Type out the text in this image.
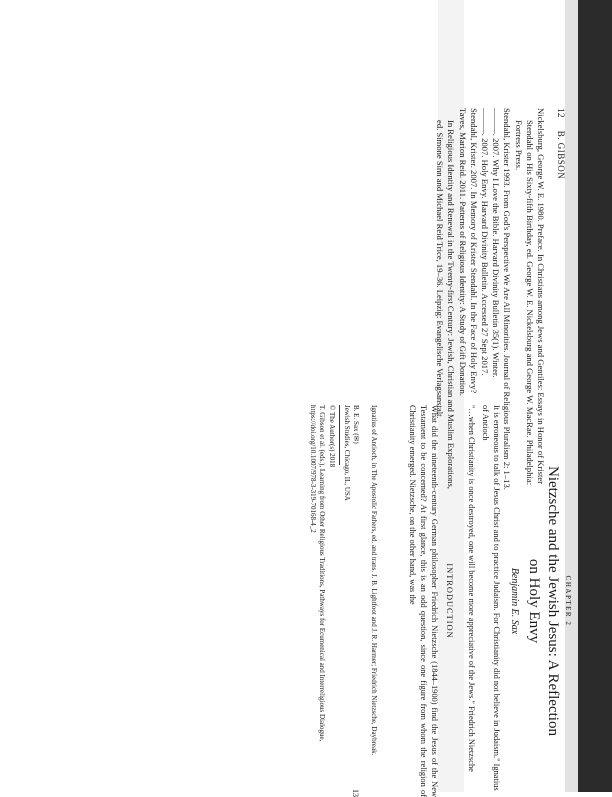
12 B. GIBSON

Nickelsburg, George W. E. 1980. Preface. In Christians among Jews and Gentiles: Essays in Honor of Krister Stendahl on His Sixty-fifth Birthday, ed. George W. E. Nickelsburg and George W. MacRae. Philadelphia: Fortress Press.

Stendahl, Krister 1993. From God's Perspective We Are All Minorities. Journal of Religious Pluralism 2: 1–13.

———. 2007. Why I Love the Bible. Harvard Divinity Bulletin 35(1). Winter.

———. 2007. Holy Envy. Harvard Divinity Bulletin. Accessed 27 Sept 2017.

Stendahl, Krister. 2007. In Memory of Krister Stendahl. In the Face of Holy Envy?

Taves, Marion Reid. 2011. Patterns of Religious Identity: A Study of Gift Donation.

In Religious Identity and Renewal in the Twenty-first Century: Jewish, Christian and Muslim Explorations, ed. Simone Sinn and Michael Reid Trice, 19–36. Leipzig: Evangelische Verlagsanstalt.

CHAPTER 2
Nietzsche and the Jewish Jesus: A Reflection
on Holy Envy
Benjamin E. Sax

It is erroneous to talk of Jesus Christ and to practice Judaism. For Christianity did not believe in Judaism." Ignatius of Antioch

"…when Christianity is once destroyed, one will become more appreciative of the Jews." Friedrich Nietzsche

INTRODUCTION

What did the nineteenth-century German philosopher Friedrich Nietzsche (1844–1900) find the Jesus of the New Testament to be concerned? At first glance, this is an odd question, since one figure from whom the religion of Christianity emerged. Nietzsche, on the other hand, was the

Ignatius of Antioch, in The Apostolic Fathers, ed. and trans. J. B. Lightfoot and J. R. Harmer; Friedrich Nietzsche, Daybreak.

B. E. Sax (✉)

Jewish Studies, Chicago, IL, USA

© The Author(s) 2018

T. Gibson et al. (eds.), Learning from Other Religious Traditions, Pathways for Ecumenical and Interreligious Dialogue,

https://doi.org/10.1007/978-3-319-70168-4_2

13
